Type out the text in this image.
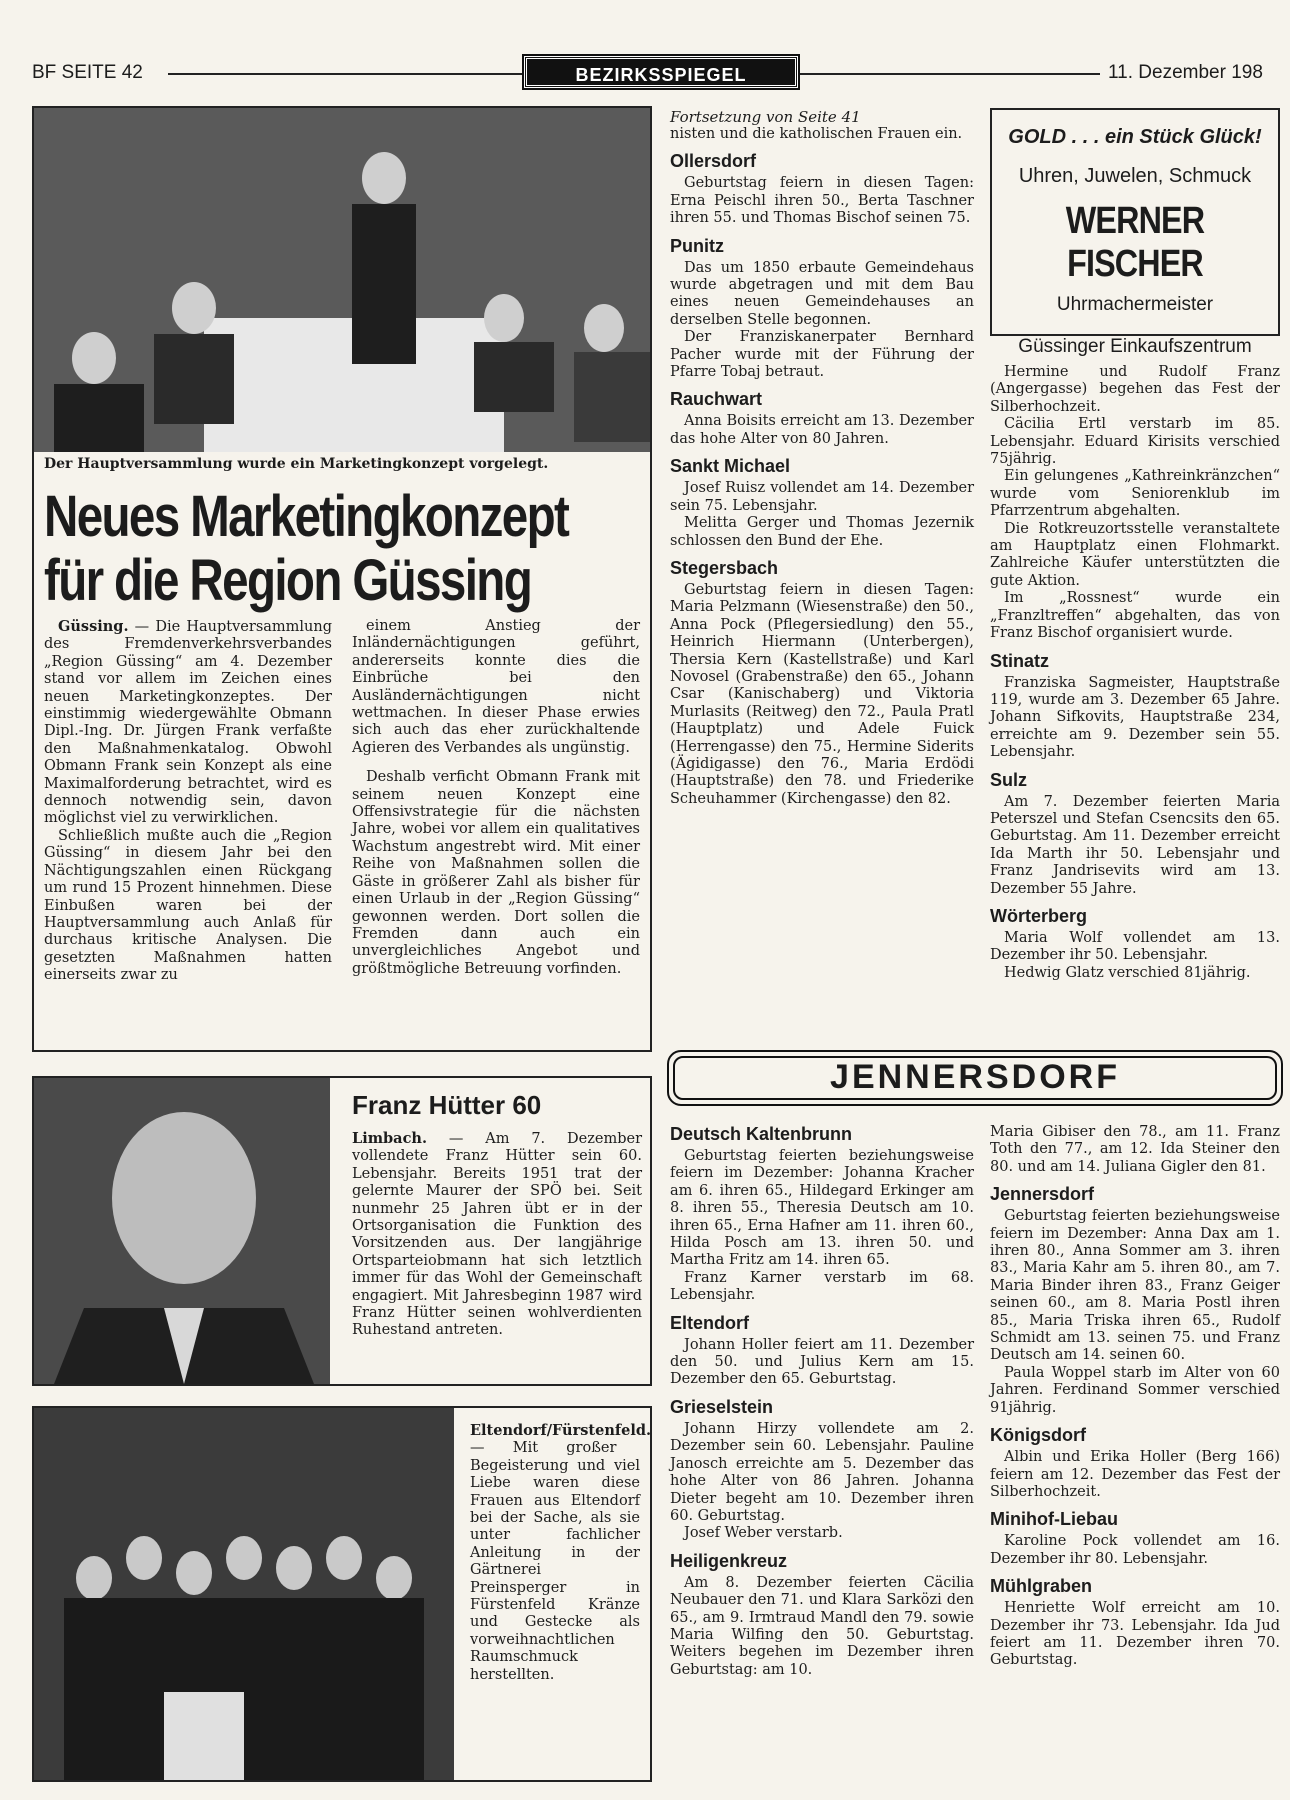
BF SEITE 42	BEZIRKSSPIEGEL	11. Dezember 198
Der Hauptversammlung wurde ein Marketingkonzept vorgelegt.
Neues Marketingkonzept
für die Region Güssing

Güssing. — Die Hauptversammlung des Fremdenverkehrsverbandes „Region Güssing“ am 4. Dezember stand vor allem im Zeichen eines neuen Marketingkonzeptes. Der einstimmig wiedergewählte Obmann Dipl.-Ing. Dr. Jürgen Frank verfaßte den Maßnahmenkatalog. Obwohl Obmann Frank sein Konzept als eine Maximalforderung betrachtet, wird es dennoch notwendig sein, davon möglichst viel zu verwirklichen.

Schließlich mußte auch die „Region Güssing“ in diesem Jahr bei den Nächtigungszahlen einen Rückgang um rund 15 Prozent hinnehmen. Diese Einbußen waren bei der Hauptversammlung auch Anlaß für durchaus kritische Analysen. Die gesetzten Maßnahmen hatten einerseits zwar zu

einem Anstieg der Inländernächtigungen geführt, andererseits konnte dies die Einbrüche bei den Ausländernächtigungen nicht wettmachen. In dieser Phase erwies sich auch das eher zurückhaltende Agieren des Verbandes als ungünstig.

Deshalb verficht Obmann Frank mit seinem neuen Konzept eine Offensivstrategie für die nächsten Jahre, wobei vor allem ein qualitatives Wachstum angestrebt wird. Mit einer Reihe von Maßnahmen sollen die Gäste in größerer Zahl als bisher für einen Urlaub in der „Region Güssing“ gewonnen werden. Dort sollen die Fremden dann auch ein unvergleichliches Angebot und größtmögliche Betreuung vorfinden.

Franz Hütter 60

Limbach. — Am 7. Dezember vollendete Franz Hütter sein 60. Lebensjahr. Bereits 1951 trat der gelernte Maurer der SPÖ bei. Seit nunmehr 25 Jahren übt er in der Ortsorganisation die Funktion des Vorsitzenden aus. Der langjährige Ortsparteiobmann hat sich letztlich immer für das Wohl der Gemeinschaft engagiert. Mit Jahresbeginn 1987 wird Franz Hütter seinen wohlverdienten Ruhestand antreten.

Eltendorf/Fürstenfeld. — Mit großer Begeisterung und viel Liebe waren diese Frauen aus Eltendorf bei der Sache, als sie unter fachlicher Anleitung in der Gärtnerei Preinsperger in Fürstenfeld Kränze und Gestecke als vorweihnachtlichen Raumschmuck herstellten.

Fortsetzung von Seite 41

nisten und die katholischen Frauen ein.

Ollersdorf

Geburtstag feiern in diesen Tagen: Erna Peischl ihren 50., Berta Taschner ihren 55. und Thomas Bischof seinen 75.

Punitz

Das um 1850 erbaute Gemeindehaus wurde abgetragen und mit dem Bau eines neuen Gemeindehauses an derselben Stelle begonnen.

Der Franziskanerpater Bernhard Pacher wurde mit der Führung der Pfarre Tobaj betraut.

Rauchwart

Anna Boisits erreicht am 13. Dezember das hohe Alter von 80 Jahren.

Sankt Michael

Josef Ruisz vollendet am 14. Dezember sein 75. Lebensjahr.

Melitta Gerger und Thomas Jezernik schlossen den Bund der Ehe.

Stegersbach

Geburtstag feiern in diesen Tagen: Maria Pelzmann (Wiesenstraße) den 50., Anna Pock (Pflegersiedlung) den 55., Heinrich Hiermann (Unterbergen), Thersia Kern (Kastellstraße) und Karl Novosel (Grabenstraße) den 65., Johann Csar (Kanischaberg) und Viktoria Murlasits (Reitweg) den 72., Paula Pratl (Hauptplatz) und Adele Fuick (Herrengasse) den 75., Hermine Siderits (Ägidigasse) den 76., Maria Erdödi (Hauptstraße) den 78. und Friederike Scheuhammer (Kirchengasse) den 82.

GOLD . . . ein Stück Glück!
Uhren, Juwelen, Schmuck
WERNER FISCHER
Uhrmachermeister
Güssinger Einkaufszentrum

Hermine und Rudolf Franz (Angergasse) begehen das Fest der Silberhochzeit.

Cäcilia Ertl verstarb im 85. Lebensjahr. Eduard Kirisits verschied 75jährig.

Ein gelungenes „Kathreinkränzchen“ wurde vom Seniorenklub im Pfarrzentrum abgehalten.

Die Rotkreuzortsstelle veranstaltete am Hauptplatz einen Flohmarkt. Zahlreiche Käufer unterstützten die gute Aktion.

Im „Rossnest“ wurde ein „Franzltreffen“ abgehalten, das von Franz Bischof organisiert wurde.

Stinatz

Franziska Sagmeister, Hauptstraße 119, wurde am 3. Dezember 65 Jahre. Johann Sifkovits, Hauptstraße 234, erreichte am 9. Dezember sein 55. Lebensjahr.

Sulz

Am 7. Dezember feierten Maria Peterszel und Stefan Csencsits den 65. Geburtstag. Am 11. Dezember erreicht Ida Marth ihr 50. Lebensjahr und Franz Jandrisevits wird am 13. Dezember 55 Jahre.

Wörterberg

Maria Wolf vollendet am 13. Dezember ihr 50. Lebensjahr.

Hedwig Glatz verschied 81jährig.

JENNERSDORF
Deutsch Kaltenbrunn

Geburtstag feierten beziehungsweise feiern im Dezember: Johanna Kracher am 6. ihren 65., Hildegard Erkinger am 8. ihren 55., Theresia Deutsch am 10. ihren 65., Erna Hafner am 11. ihren 60., Hilda Posch am 13. ihren 50. und Martha Fritz am 14. ihren 65.

Franz Karner verstarb im 68. Lebensjahr.

Eltendorf

Johann Holler feiert am 11. Dezember den 50. und Julius Kern am 15. Dezember den 65. Geburtstag.

Grieselstein

Johann Hirzy vollendete am 2. Dezember sein 60. Lebensjahr. Pauline Janosch erreichte am 5. Dezember das hohe Alter von 86 Jahren. Johanna Dieter begeht am 10. Dezember ihren 60. Geburtstag.

Josef Weber verstarb.

Heiligenkreuz

Am 8. Dezember feierten Cäcilia Neubauer den 71. und Klara Sarközi den 65., am 9. Irmtraud Mandl den 79. sowie Maria Wilfing den 50. Geburtstag. Weiters begehen im Dezember ihren Geburtstag: am 10.

Maria Gibiser den 78., am 11. Franz Toth den 77., am 12. Ida Steiner den 80. und am 14. Juliana Gigler den 81.

Jennersdorf

Geburtstag feierten beziehungsweise feiern im Dezember: Anna Dax am 1. ihren 80., Anna Sommer am 3. ihren 83., Maria Kahr am 5. ihren 80., am 7. Maria Binder ihren 83., Franz Geiger seinen 60., am 8. Maria Postl ihren 85., Maria Triska ihren 65., Rudolf Schmidt am 13. seinen 75. und Franz Deutsch am 14. seinen 60.

Paula Woppel starb im Alter von 60 Jahren. Ferdinand Sommer verschied 91jährig.

Königsdorf

Albin und Erika Holler (Berg 166) feiern am 12. Dezember das Fest der Silberhochzeit.

Minihof-Liebau

Karoline Pock vollendet am 16. Dezember ihr 80. Lebensjahr.

Mühlgraben

Henriette Wolf erreicht am 10. Dezember ihr 73. Lebensjahr. Ida Jud feiert am 11. Dezember ihren 70. Geburtstag.
